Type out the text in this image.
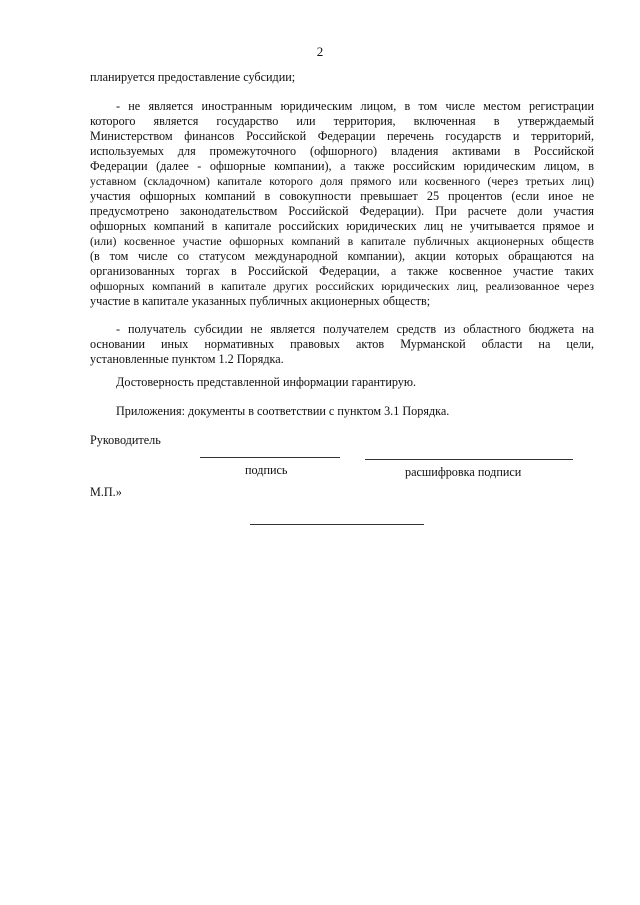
2
планируется предоставление субсидии;
- не является иностранным юридическим лицом, в том числе местом регистрации
которого является государство или территория, включенная в утверждаемый
Министерством финансов Российской Федерации перечень государств и территорий,
используемых для промежуточного (офшорного) владения активами в Российской
Федерации (далее - офшорные компании), а также российским юридическим лицом, в
уставном (складочном) капитале которого доля прямого или косвенного (через третьих лиц)
участия офшорных компаний в совокупности превышает 25 процентов (если иное не
предусмотрено законодательством Российской Федерации). При расчете доли участия
офшорных компаний в капитале российских юридических лиц не учитывается прямое и
(или) косвенное участие офшорных компаний в капитале публичных акционерных обществ
(в том числе со статусом международной компании), акции которых обращаются на
организованных торгах в Российской Федерации, а также косвенное участие таких
офшорных компаний в капитале других российских юридических лиц, реализованное через
участие в капитале указанных публичных акционерных обществ;
- получатель субсидии не является получателем средств из областного бюджета на
основании иных нормативных правовых актов Мурманской области на цели,
установленные пунктом 1.2 Порядка.
Достоверность представленной информации гарантирую.
Приложения: документы в соответствии с пунктом 3.1 Порядка.
Руководитель
подпись	расшифровка подписи
М.П.»
